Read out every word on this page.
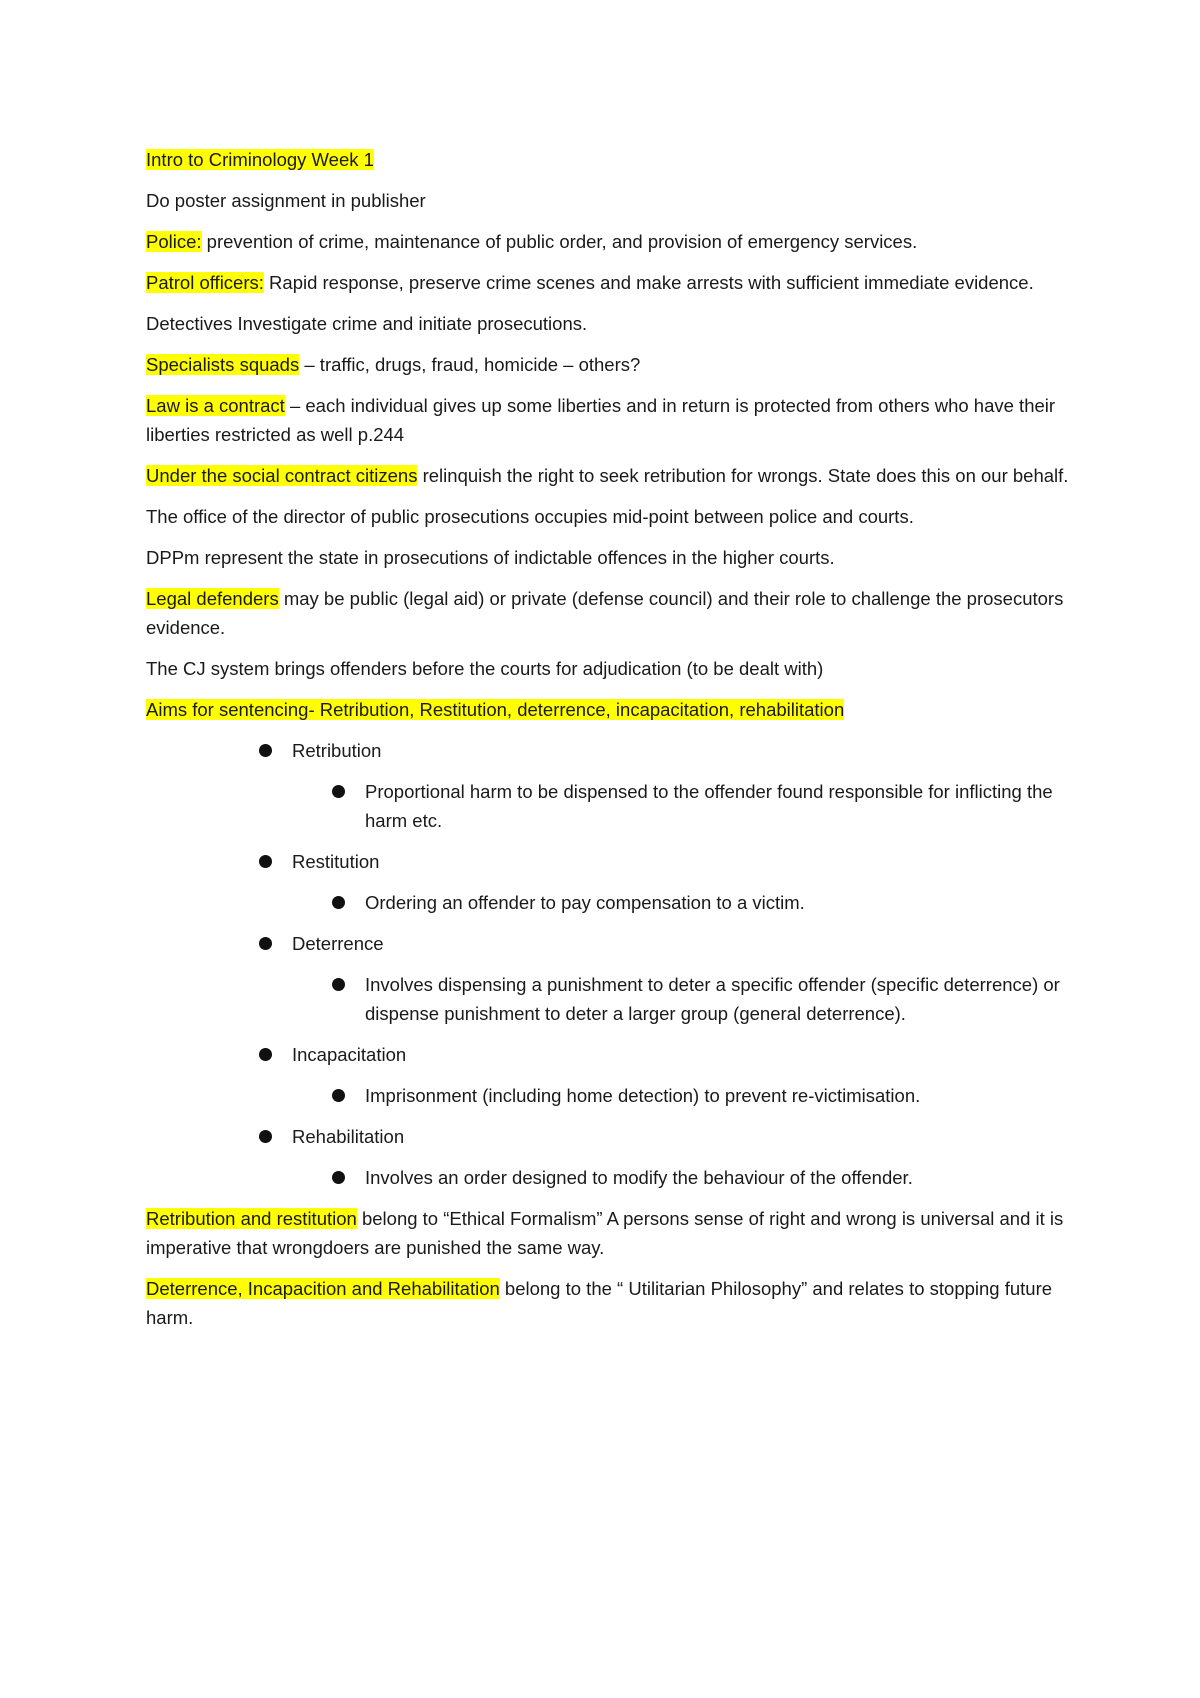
Intro to Criminology Week 1

Do poster assignment in publisher

Police: prevention of crime, maintenance of public order, and provision of emergency services.

Patrol officers: Rapid response, preserve crime scenes and make arrests with sufficient immediate evidence.

Detectives Investigate crime and initiate prosecutions.

Specialists squads – traffic, drugs, fraud, homicide – others?

Law is a contract – each individual gives up some liberties and in return is protected from others who have their liberties restricted as well p.244

Under the social contract citizens relinquish the right to seek retribution for wrongs. State does this on our behalf.

The office of the director of public prosecutions occupies mid-point between police and courts.

DPPm represent the state in prosecutions of indictable offences in the higher courts.

Legal defenders may be public (legal aid) or private (defense council) and their role to challenge the prosecutors evidence.

The CJ system brings offenders before the courts for adjudication (to be dealt with)

Aims for sentencing- Retribution, Restitution, deterrence, incapacitation, rehabilitation

Retribution
Proportional harm to be dispensed to the offender found responsible for inflicting the harm etc.
Restitution
Ordering an offender to pay compensation to a victim.
Deterrence
Involves dispensing a punishment to deter a specific offender (specific deterrence) or dispense punishment to deter a larger group (general deterrence).
Incapacitation
Imprisonment (including home detection) to prevent re-victimisation.
Rehabilitation
Involves an order designed to modify the behaviour of the offender.

Retribution and restitution belong to “Ethical Formalism” A persons sense of right and wrong is universal and it is imperative that wrongdoers are punished the same way.

Deterrence, Incapacition and Rehabilitation belong to the “ Utilitarian Philosophy” and relates to stopping future harm.
